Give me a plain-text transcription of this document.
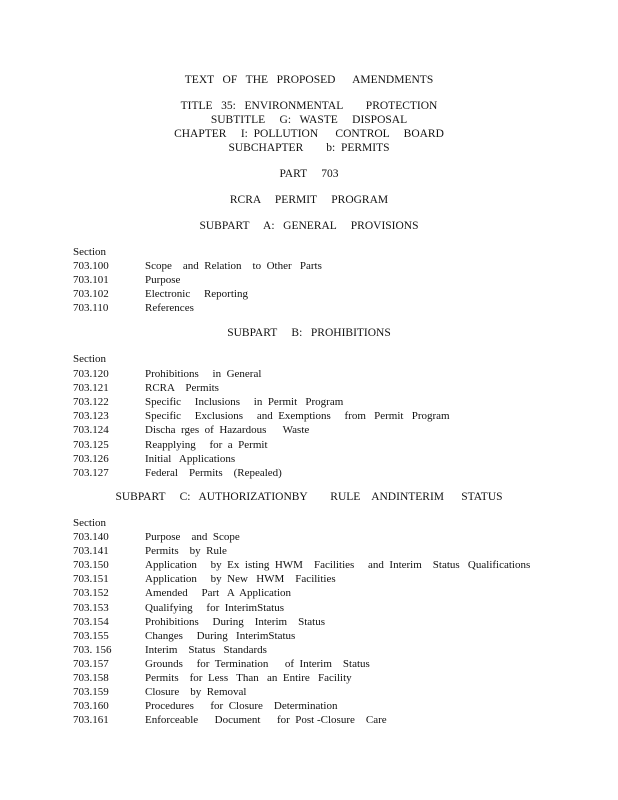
TEXT   OF   THE   PROPOSED      AMENDMENTS
TITLE   35:   ENVIRONMENTAL        PROTECTION
SUBTITLE     G:   WASTE     DISPOSAL
CHAPTER     I:  POLLUTION      CONTROL     BOARD
SUBCHAPTER        b:  PERMITS
PART     703
RCRA     PERMIT     PROGRAM
SUBPART     A:   GENERAL     PROVISIONS
Section
703.100	Scope    and  Relation    to  Other   Parts
703.101	Purpose
703.102	Electronic     Reporting
703.110	References
SUBPART     B:   PROHIBITIONS
Section
703.120	Prohibitions     in  General
703.121	RCRA    Permits
703.122	Specific     Inclusions     in  Permit   Program
703.123	Specific     Exclusions     and  Exemptions     from   Permit   Program
703.124	Discha  rges  of  Hazardous      Waste
703.125	Reapplying     for  a  Permit
703.126	Initial   Applications
703.127	Federal    Permits    (Repealed)
SUBPART     C:   AUTHORIZATIONBY        RULE    ANDINTERIM      STATUS
Section
703.140	Purpose    and  Scope
703.141	Permits    by  Rule
703.150	Application     by  Ex  isting  HWM    Facilities     and  Interim    Status   Qualifications
703.151	Application     by  New   HWM    Facilities
703.152	Amended     Part   A  Application
703.153	Qualifying     for  InterimStatus
703.154	Prohibitions     During    Interim    Status
703.155	Changes     During   InterimStatus
703. 156	Interim    Status   Standards
703.157	Grounds     for  Termination      of  Interim    Status
703.158	Permits    for  Less   Than   an  Entire   Facility
703.159	Closure    by  Removal
703.160	Procedures      for  Closure    Determination
703.161	Enforceable      Document      for  Post -Closure    Care
